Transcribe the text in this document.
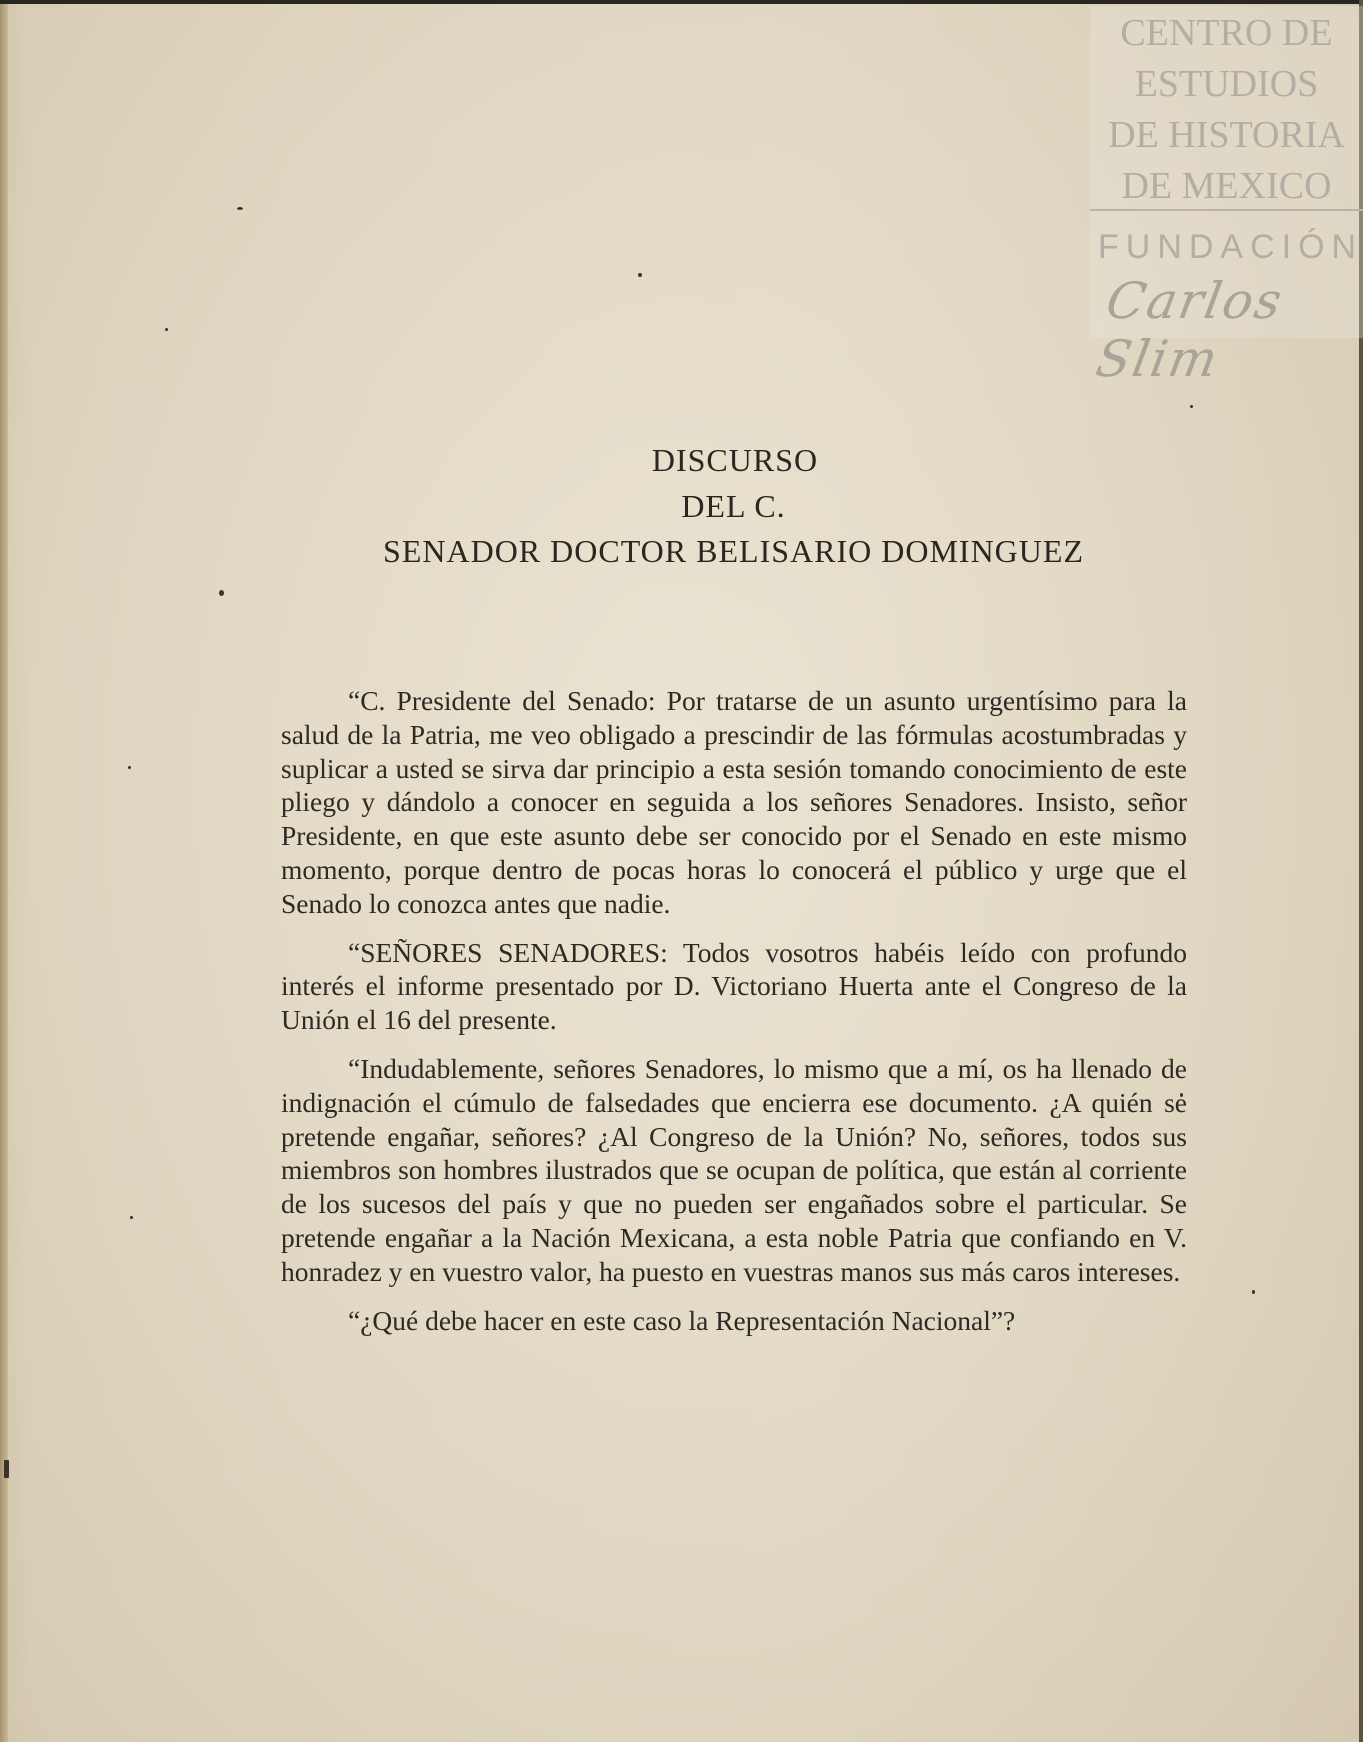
CENTRO DE
ESTUDIOS
DE HISTORIA
DE MEXICO
FUNDACIÓN
Carlos Slim
DISCURSO
DEL C.
SENADOR DOCTOR BELISARIO DOMINGUEZ

“C. Presidente del Senado: Por tratarse de un asunto urgentísimo para la salud de la Patria, me veo obligado a prescindir de las fórmulas acostumbradas y suplicar a usted se sirva dar principio a esta sesión tomando conocimiento de este pliego y dándolo a conocer en seguida a los señores Senadores. Insisto, señor Presidente, en que este asunto debe ser conocido por el Senado en este mismo momento, porque dentro de pocas horas lo conocerá el público y urge que el Senado lo conozca antes que nadie.

“SEÑORES SENADORES: Todos vosotros habéis leído con profundo interés el informe presentado por D. Victoriano Huerta ante el Congreso de la Unión el 16 del presente.

“Indudablemente, señores Senadores, lo mismo que a mí, os ha llenado de indignación el cúmulo de falsedades que encierra ese documento. ¿A quién se pretende engañar, señores? ¿Al Congreso de la Unión? No, señores, todos sus miembros son hombres ilustrados que se ocupan de política, que están al corriente de los sucesos del país y que no pueden ser engañados sobre el particular. Se pretende engañar a la Nación Mexicana, a esta noble Patria que confiando en V. honradez y en vuestro valor, ha puesto en vuestras manos sus más caros intereses.

“¿Qué debe hacer en este caso la Representación Nacional”?
